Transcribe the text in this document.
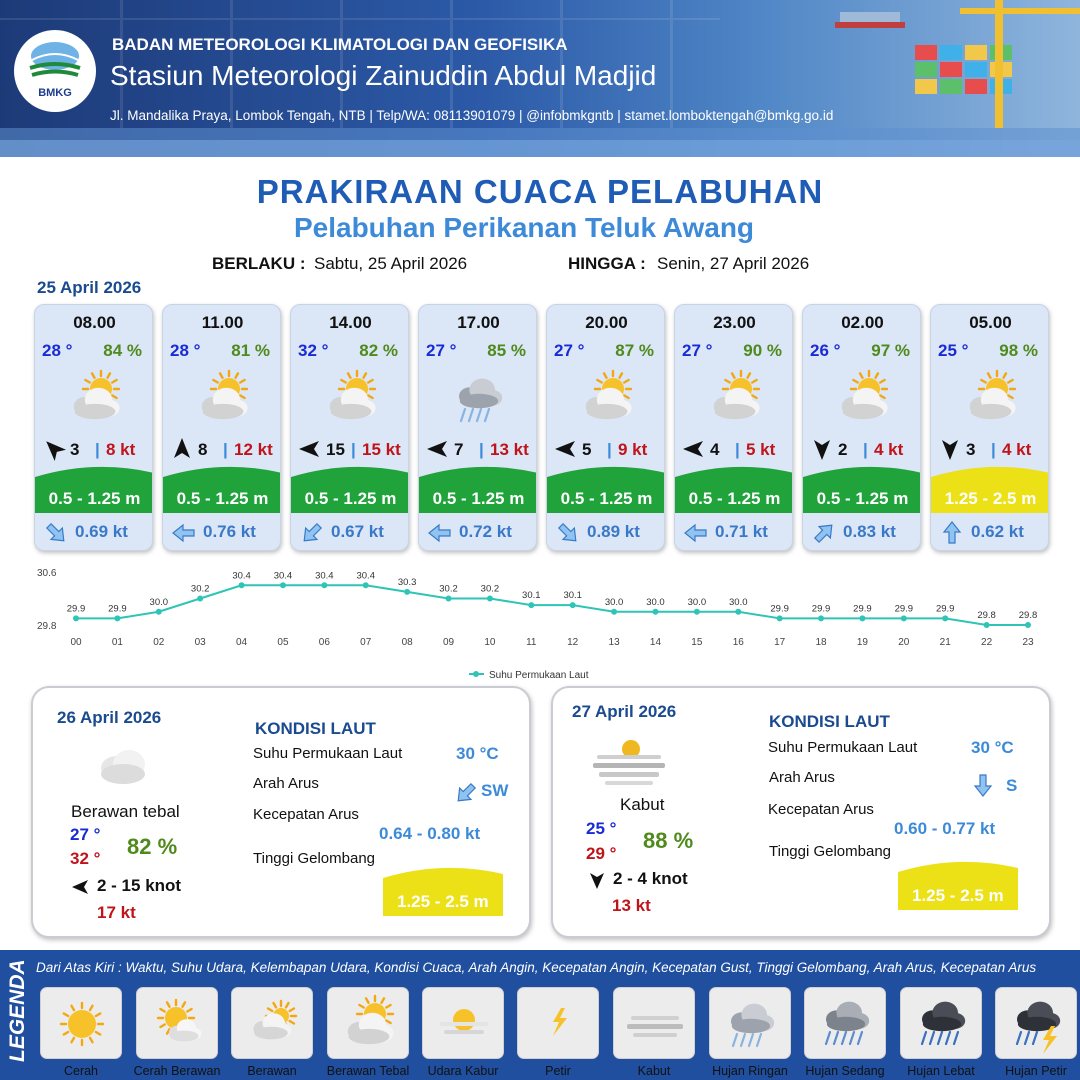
BMKG
BADAN METEOROLOGI KLIMATOLOGI DAN GEOFISIKA
Stasiun Meteorologi Zainuddin Abdul Madjid
Jl. Mandalika Praya, Lombok Tengah, NTB | Telp/WA: 08113901079 | @infobmkgntb | stamet.lomboktengah@bmkg.go.id
PRAKIRAAN CUACA PELABUHAN
Pelabuhan Perikanan Teluk Awang
BERLAKU : Sabtu, 25 April 2026	HINGGA : Senin, 27 April 2026
25 April 2026
08.00
28 ° 84 %
3 | 8 kt
0.5 - 1.25 m
0.69 kt
11.00
28 ° 81 %
8 | 12 kt
0.5 - 1.25 m
0.76 kt
14.00
32 ° 82 %
15 | 15 kt
0.5 - 1.25 m
0.67 kt
17.00
27 ° 85 %
7 | 13 kt
0.5 - 1.25 m
0.72 kt
20.00
27 ° 87 %
5 | 9 kt
0.5 - 1.25 m
0.89 kt
23.00
27 ° 90 %
4 | 5 kt
0.5 - 1.25 m
0.71 kt
02.00
26 ° 97 %
2 | 4 kt
0.5 - 1.25 m
0.83 kt
05.00
25 ° 98 %
3 | 4 kt
1.25 - 2.5 m
0.62 kt
30.6
29.8
29.9
00
29.9
01
30.0
02
30.2
03
30.4
04
30.4
05
30.4
06
30.4
07
30.3
08
30.2
09
30.2
10
30.1
11
30.1
12
30.0
13
30.0
14
30.0
15
30.0
16
29.9
17
29.9
18
29.9
19
29.9
20
29.9
21
29.8
22
29.8
23
Suhu Permukaan Laut
26 April 2026
Berawan tebal
27 °
32 ° 82 %
2 - 15 knot
17 kt
KONDISI LAUT
Suhu Permukaan Laut	30 °C
Arah Arus	SW
Kecepatan Arus
0.64 - 0.80 kt
Tinggi Gelombang
1.25 - 2.5 m
27 April 2026
Kabut
25 °
29 °
88 %
2 - 4 knot
13 kt
KONDISI LAUT
Suhu Permukaan Laut	30 °C
Arah Arus	S
Kecepatan Arus
0.60 - 0.77 kt
Tinggi Gelombang
1.25 - 2.5 m
LEGENDA Dari Atas Kiri : Waktu, Suhu Udara, Kelembapan Udara, Kondisi Cuaca, Arah Angin, Kecepatan Angin, Kecepatan Gust, Tinggi Gelombang, Arah Arus, Kecepatan Arus
Cerah	Cerah Berawan	Berawan	Berawan Tebal	Udara Kabur	Petir	Kabut	Hujan Ringan	Hujan Sedang	Hujan Lebat	Hujan Petir
